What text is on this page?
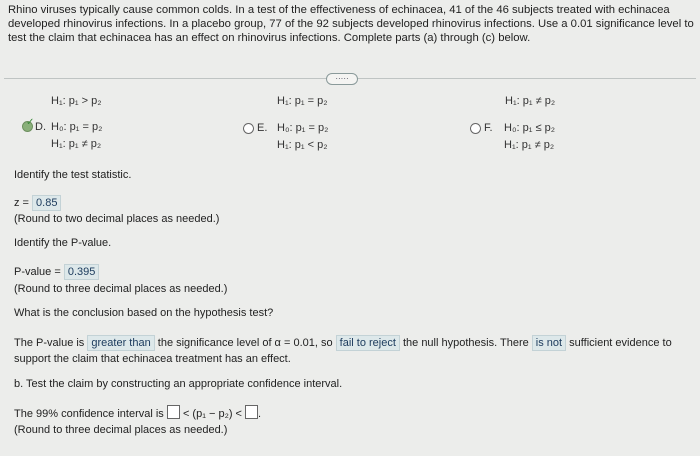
Rhino viruses typically cause common colds. In a test of the effectiveness of echinacea, 41 of the 46 subjects treated with echinacea developed rhinovirus infections. In a placebo group, 77 of the 92 subjects developed rhinovirus infections. Use a 0.01 significance level to test the claim that echinacea has an effect on rhinovirus infections. Complete parts (a) through (c) below.
·····
H₁: p₁ > p₂	H₁: p₁ = p₂	H₁: p₁ ≠ p₂
✓ D. H₀: p₁ = p₂
H₁: p₁ ≠ p₂
E. H₀: p₁ = p₂
H₁: p₁ < p₂
F. H₀: p₁ ≤ p₂
H₁: p₁ ≠ p₂
Identify the test statistic.
z = 0.85
(Round to two decimal places as needed.)
Identify the P-value.
P-value = 0.395
(Round to three decimal places as needed.)
What is the conclusion based on the hypothesis test?
The P-value is greater than the significance level of α = 0.01, so fail to reject the null hypothesis. There is not sufficient evidence to
support the claim that echinacea treatment has an effect.
b. Test the claim by constructing an appropriate confidence interval.
The 99% confidence interval is < (p₁ − p₂) < .
(Round to three decimal places as needed.)
